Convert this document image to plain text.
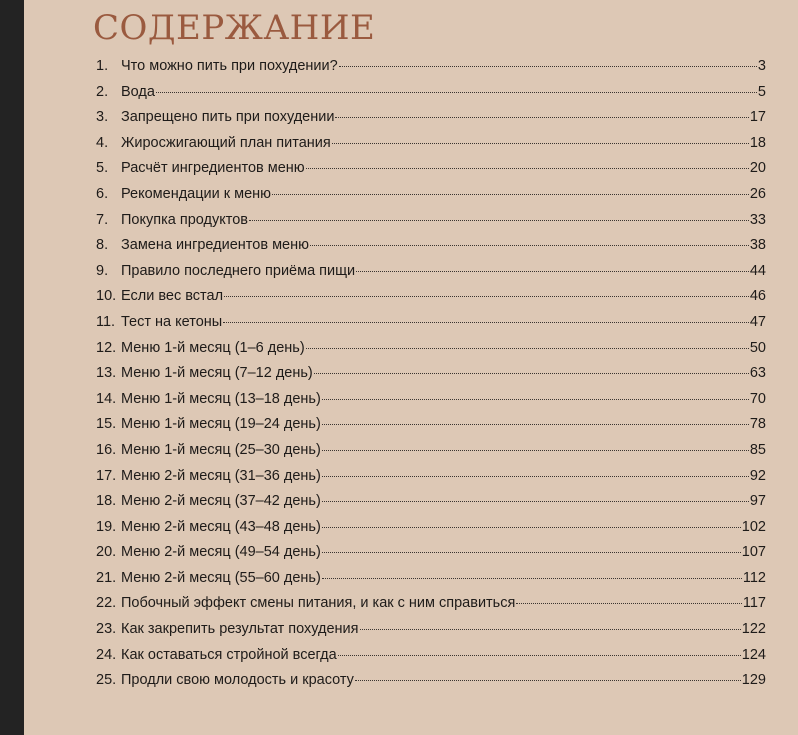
СОДЕРЖАНИЕ
1. Что можно пить при похудении?	3
2. Вода	5
3. Запрещено пить при похудении	17
4. Жиросжигающий план питания	18
5. Расчёт ингредиентов меню	20
6. Рекомендации к меню	26
7. Покупка продуктов	33
8. Замена ингредиентов меню	38
9. Правило последнего приёма пищи	44
10. Если вес встал	46
11. Тест на кетоны	47
12. Меню 1-й месяц (1–6 день)	50
13. Меню 1-й месяц (7–12 день)	63
14. Меню 1-й месяц (13–18 день)	70
15. Меню 1-й месяц (19–24 день)	78
16. Меню 1-й месяц (25–30 день)	85
17. Меню 2-й месяц (31–36 день)	92
18. Меню 2-й месяц (37–42 день)	97
19. Меню 2-й месяц (43–48 день)	102
20. Меню 2-й месяц (49–54 день)	107
21. Меню 2-й месяц (55–60 день)	112
22. Побочный эффект смены питания, и как с ним справиться	117
23. Как закрепить результат похудения	122
24. Как оставаться стройной всегда	124
25. Продли свою молодость и красоту	129
